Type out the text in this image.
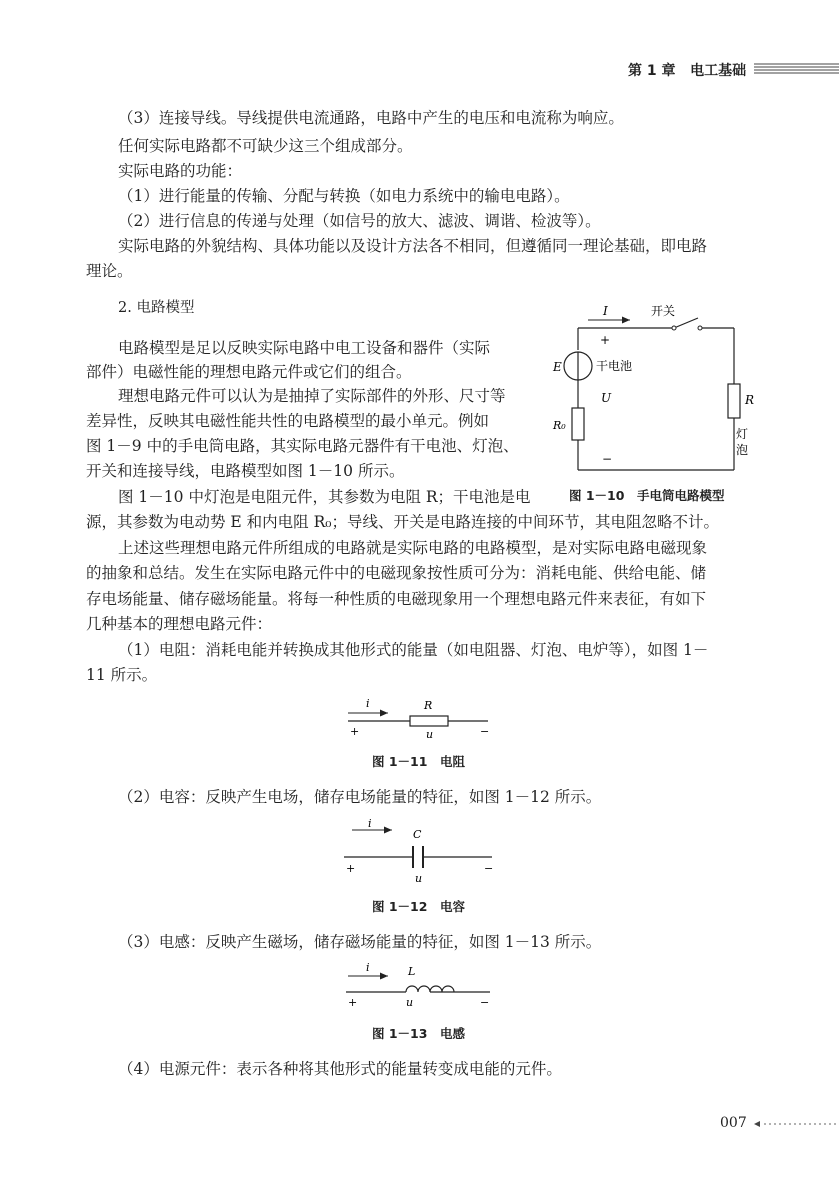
第 1 章 电工基础
（3）连接导线。导线提供电流通路，电路中产生的电压和电流称为响应。
任何实际电路都不可缺少这三个组成部分。
实际电路的功能：
（1）进行能量的传输、分配与转换（如电力系统中的输电电路）。
（2）进行信息的传递与处理（如信号的放大、滤波、调谐、检波等）。
实际电路的外貌结构、具体功能以及设计方法各不相同，但遵循同一理论基础，即电路
理论。
2. 电路模型
电路模型是足以反映实际电路中电工设备和器件（实际
部件）电磁性能的理想电路元件或它们的组合。
理想电路元件可以认为是抽掉了实际部件的外形、尺寸等
差异性，反映其电磁性能共性的电路模型的最小单元。例如
图 1－9 中的手电筒电路，其实际电路元器件有干电池、灯泡、
开关和连接导线，电路模型如图 1－10 所示。
图 1－10 中灯泡是电阻元件，其参数为电阻 R；干电池是电
源，其参数为电动势 E 和内电阻 R₀；导线、开关是电路连接的中间环节，其电阻忽略不计。
I	开关
+
E	干电池
U
R₀
−
R
灯
泡
图 1－10　手电筒电路模型
上述这些理想电路元件所组成的电路就是实际电路的电路模型，是对实际电路电磁现象
的抽象和总结。发生在实际电路元件中的电磁现象按性质可分为：消耗电能、供给电能、储
存电场能量、储存磁场能量。将每一种性质的电磁现象用一个理想电路元件来表征，有如下
几种基本的理想电路元件：
（1）电阻：消耗电能并转换成其他形式的能量（如电阻器、灯泡、电炉等），如图 1－
11 所示。
i	R
u
+	−
图 1－11　电阻
（2）电容：反映产生电场，储存电场能量的特征，如图 1－12 所示。
i
C
u
+	−
图 1－12　电容
（3）电感：反映产生磁场，储存磁场能量的特征，如图 1－13 所示。
i	L
u
+	−
图 1－13　电感
（4）电源元件：表示各种将其他形式的能量转变成电能的元件。
007
